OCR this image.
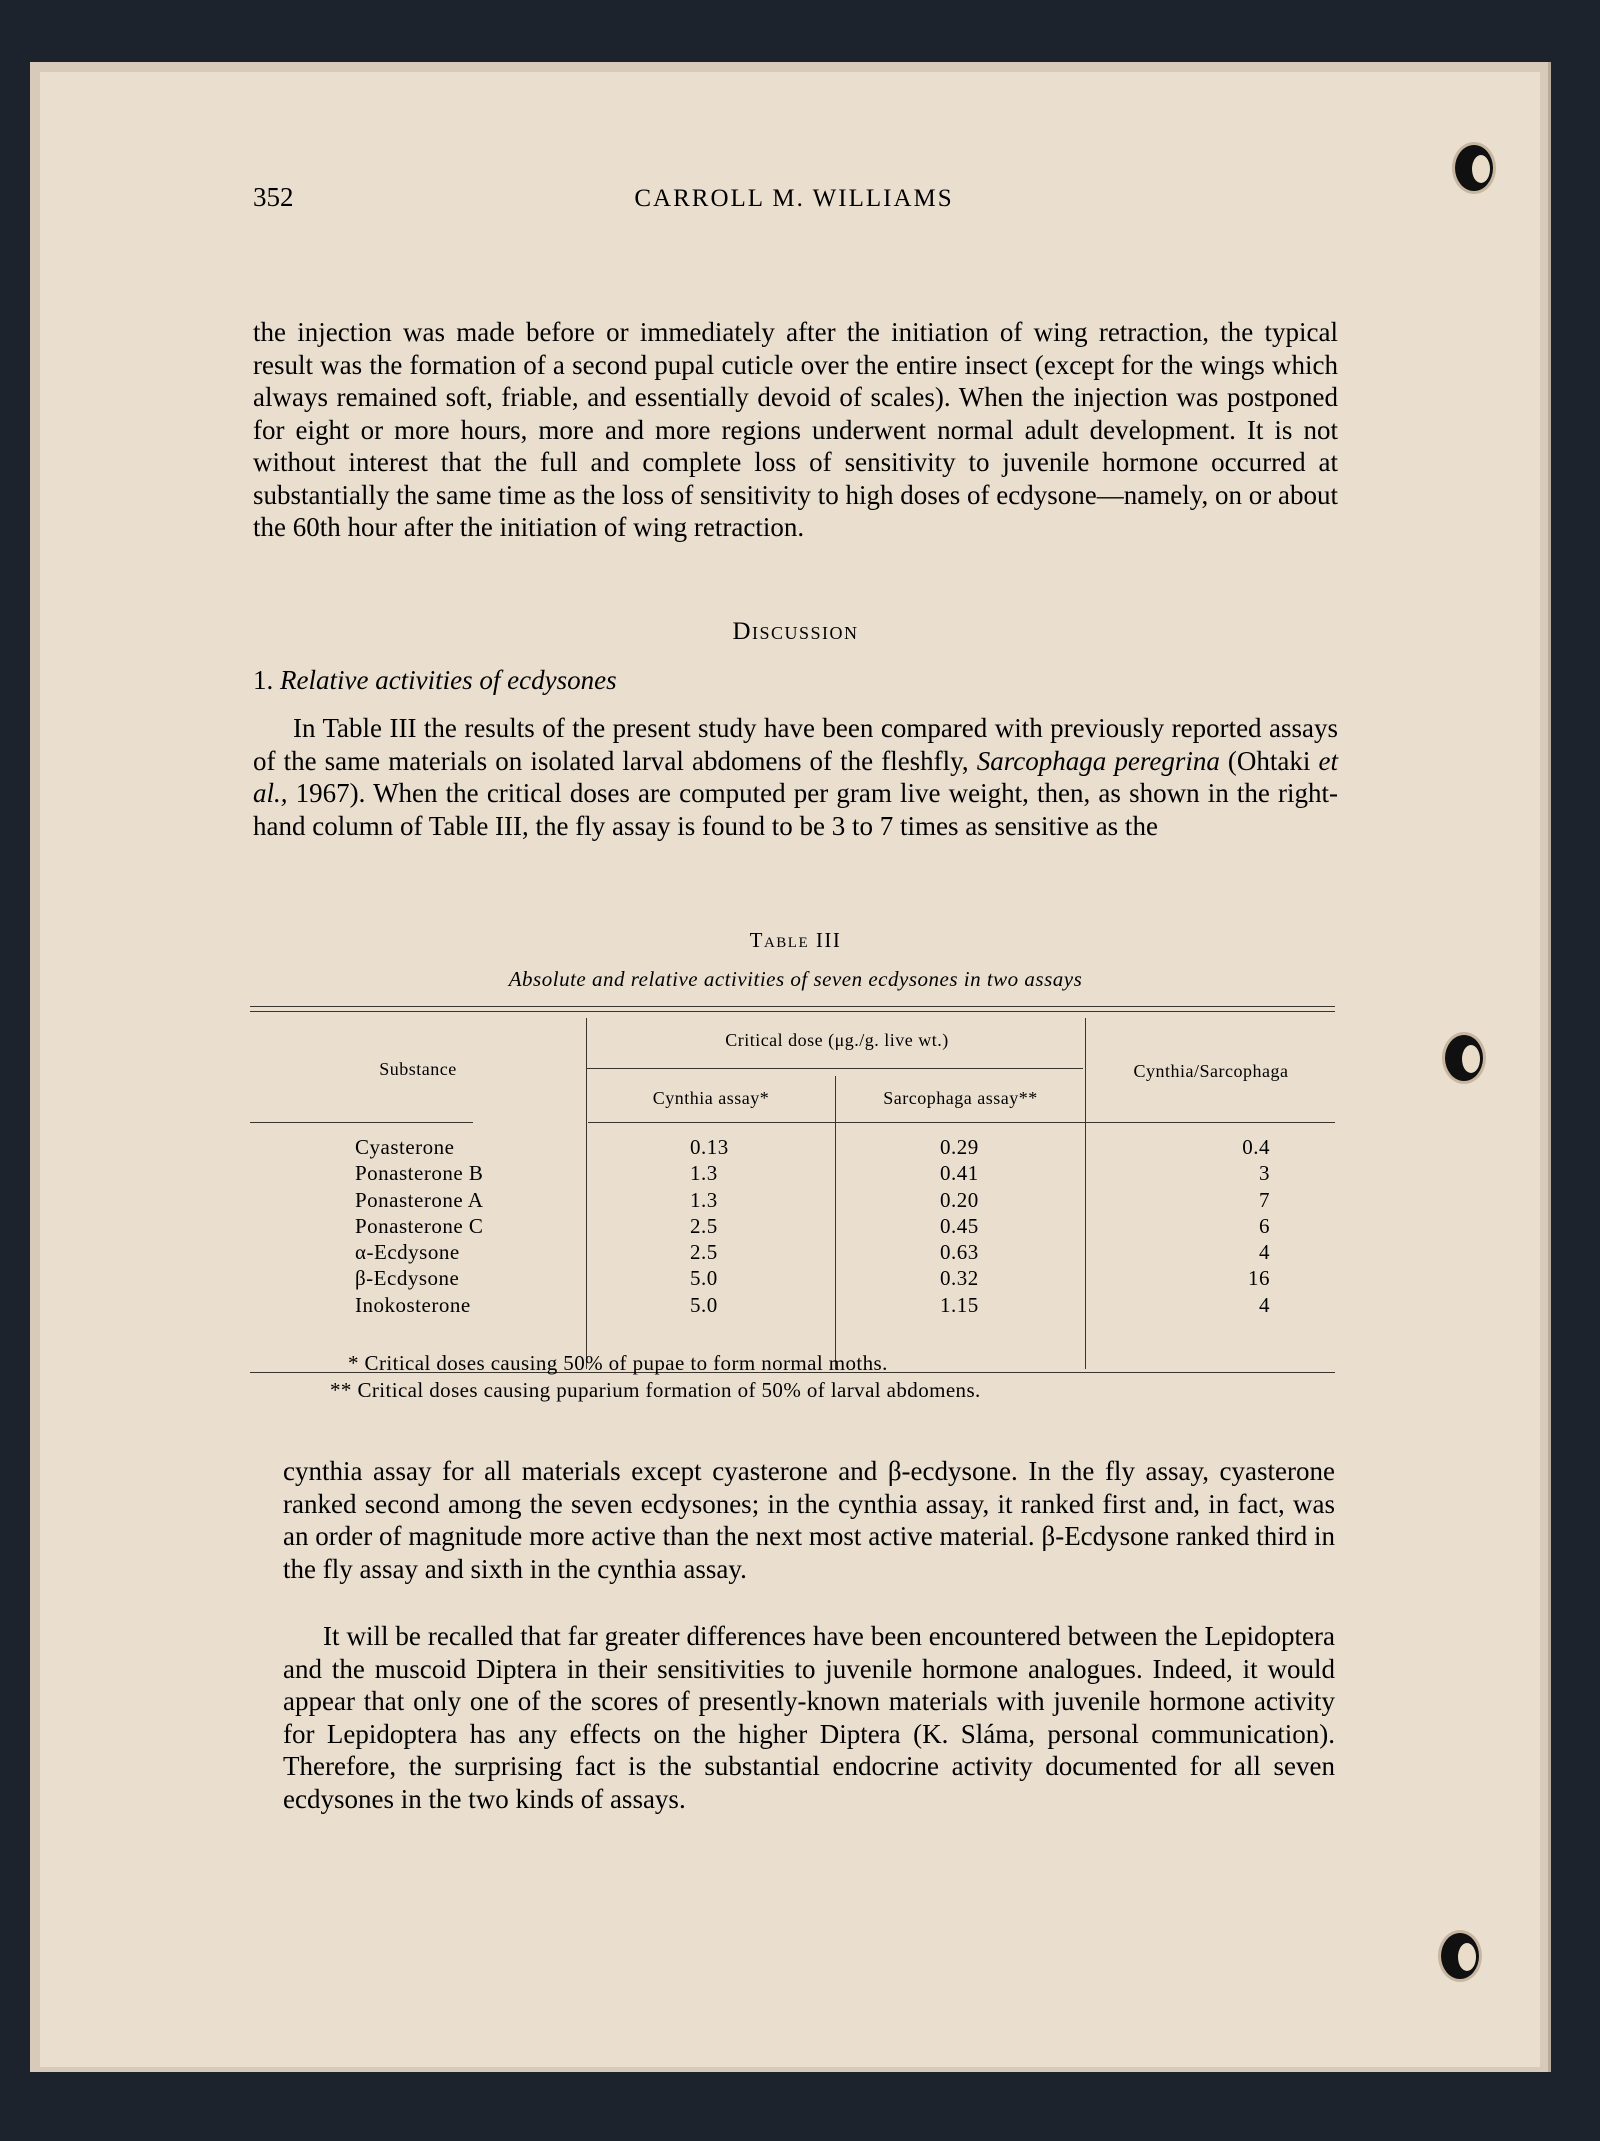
352	CARROLL M. WILLIAMS

the injection was made before or immediately after the initiation of wing retraction, the typical result was the formation of a second pupal cuticle over the entire insect (except for the wings which always remained soft, friable, and essentially devoid of scales). When the injection was postponed for eight or more hours, more and more regions underwent normal adult development. It is not without interest that the full and complete loss of sensitivity to juvenile hormone occurred at substantially the same time as the loss of sensitivity to high doses of ecdysone—namely, on or about the 60th hour after the initiation of wing retraction.

Discussion
1. Relative activities of ecdysones

In Table III the results of the present study have been compared with previously reported assays of the same materials on isolated larval abdomens of the fleshfly, Sarcophaga peregrina (Ohtaki et al., 1967). When the critical doses are computed per gram live weight, then, as shown in the right-hand column of Table III, the fly assay is found to be 3 to 7 times as sensitive as the

Table III
Absolute and relative activities of seven ecdysones in two assays
Substance
Critical dose (μg./g. live wt.)
Cynthia assay*	Sarcophaga assay**
Cynthia/Sarcophaga
Cyasterone
Ponasterone B
Ponasterone A
Ponasterone C
α-Ecdysone
β-Ecdysone
Inokosterone
0.13
1.3
1.3
2.5
2.5
5.0
5.0
0.29
0.41
0.20
0.45
0.63
0.32
1.15
0.4
3
7
6
4
16
4
* Critical doses causing 50% of pupae to form normal moths.
** Critical doses causing puparium formation of 50% of larval abdomens.

cynthia assay for all materials except cyasterone and β-ecdysone. In the fly assay, cyasterone ranked second among the seven ecdysones; in the cynthia assay, it ranked first and, in fact, was an order of magnitude more active than the next most active material. β-Ecdysone ranked third in the fly assay and sixth in the cynthia assay.

It will be recalled that far greater differences have been encountered between the Lepidoptera and the muscoid Diptera in their sensitivities to juvenile hormone analogues. Indeed, it would appear that only one of the scores of presently-known materials with juvenile hormone activity for Lepidoptera has any effects on the higher Diptera (K. Sláma, personal communication). Therefore, the surprising fact is the substantial endocrine activity documented for all seven ecdysones in the two kinds of assays.
